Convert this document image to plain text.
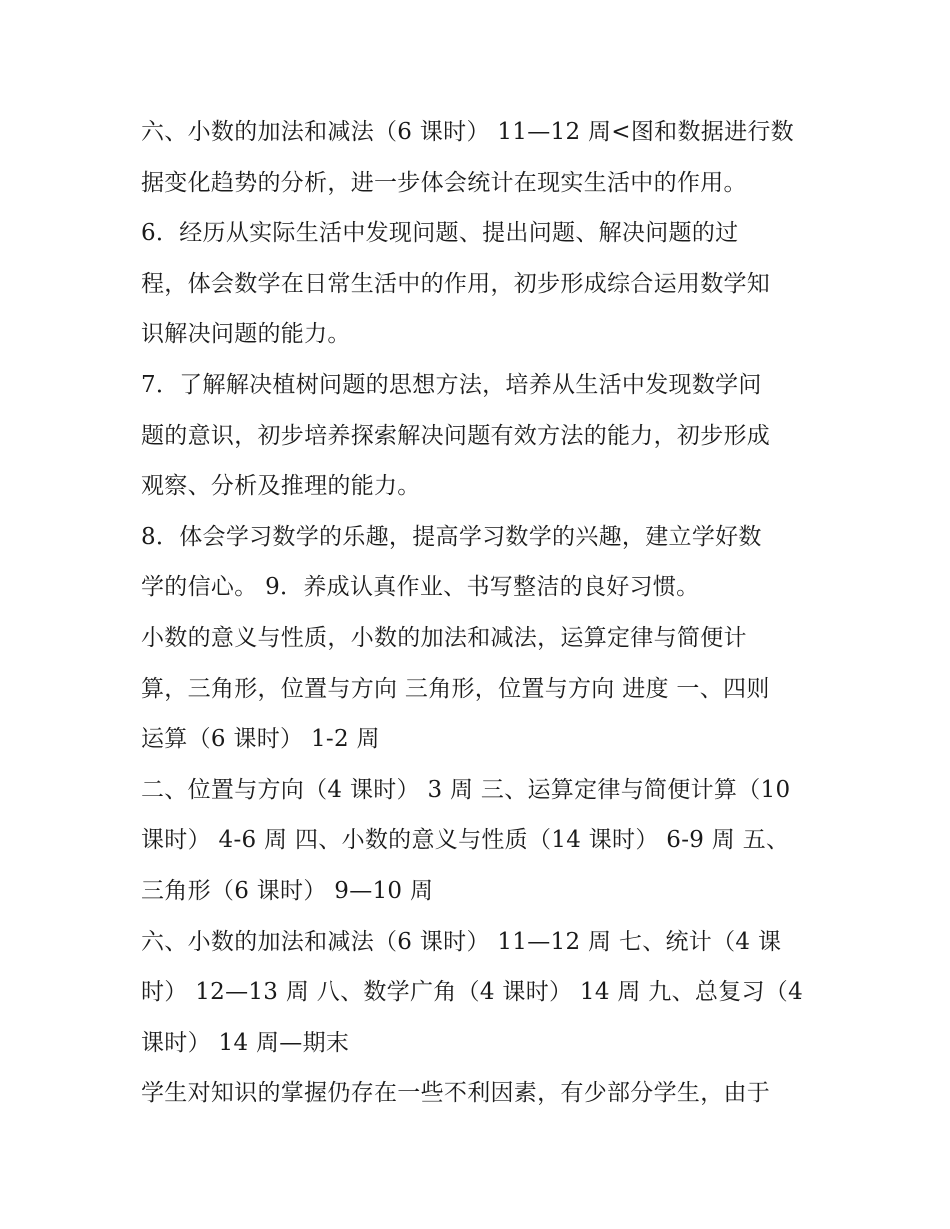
六、小数的加法和减法（6 课时） 11—12 周<图和数据进行数
据变化趋势的分析，进一步体会统计在现实生活中的作用。

6．经历从实际生活中发现问题、提出问题、解决问题的过
程，体会数学在日常生活中的作用，初步形成综合运用数学知
识解决问题的能力。

7．了解解决植树问题的思想方法，培养从生活中发现数学问
题的意识，初步培养探索解决问题有效方法的能力，初步形成
观察、分析及推理的能力。

8．体会学习数学的乐趣，提高学习数学的兴趣，建立学好数
学的信心。 9．养成认真作业、书写整洁的良好习惯。

小数的意义与性质，小数的加法和减法，运算定律与简便计
算，三角形，位置与方向 三角形，位置与方向 进度 一、四则
运算（6 课时） 1-2 周

二、位置与方向（4 课时） 3 周 三、运算定律与简便计算（10
课时） 4-6 周 四、小数的意义与性质（14 课时） 6-9 周 五、
三角形（6 课时） 9—10 周

六、小数的加法和减法（6 课时） 11—12 周 七、统计（4 课
时） 12—13 周 八、数学广角（4 课时） 14 周 九、总复习（4
课时） 14 周—期末

学生对知识的掌握仍存在一些不利因素，有少部分学生，由于
